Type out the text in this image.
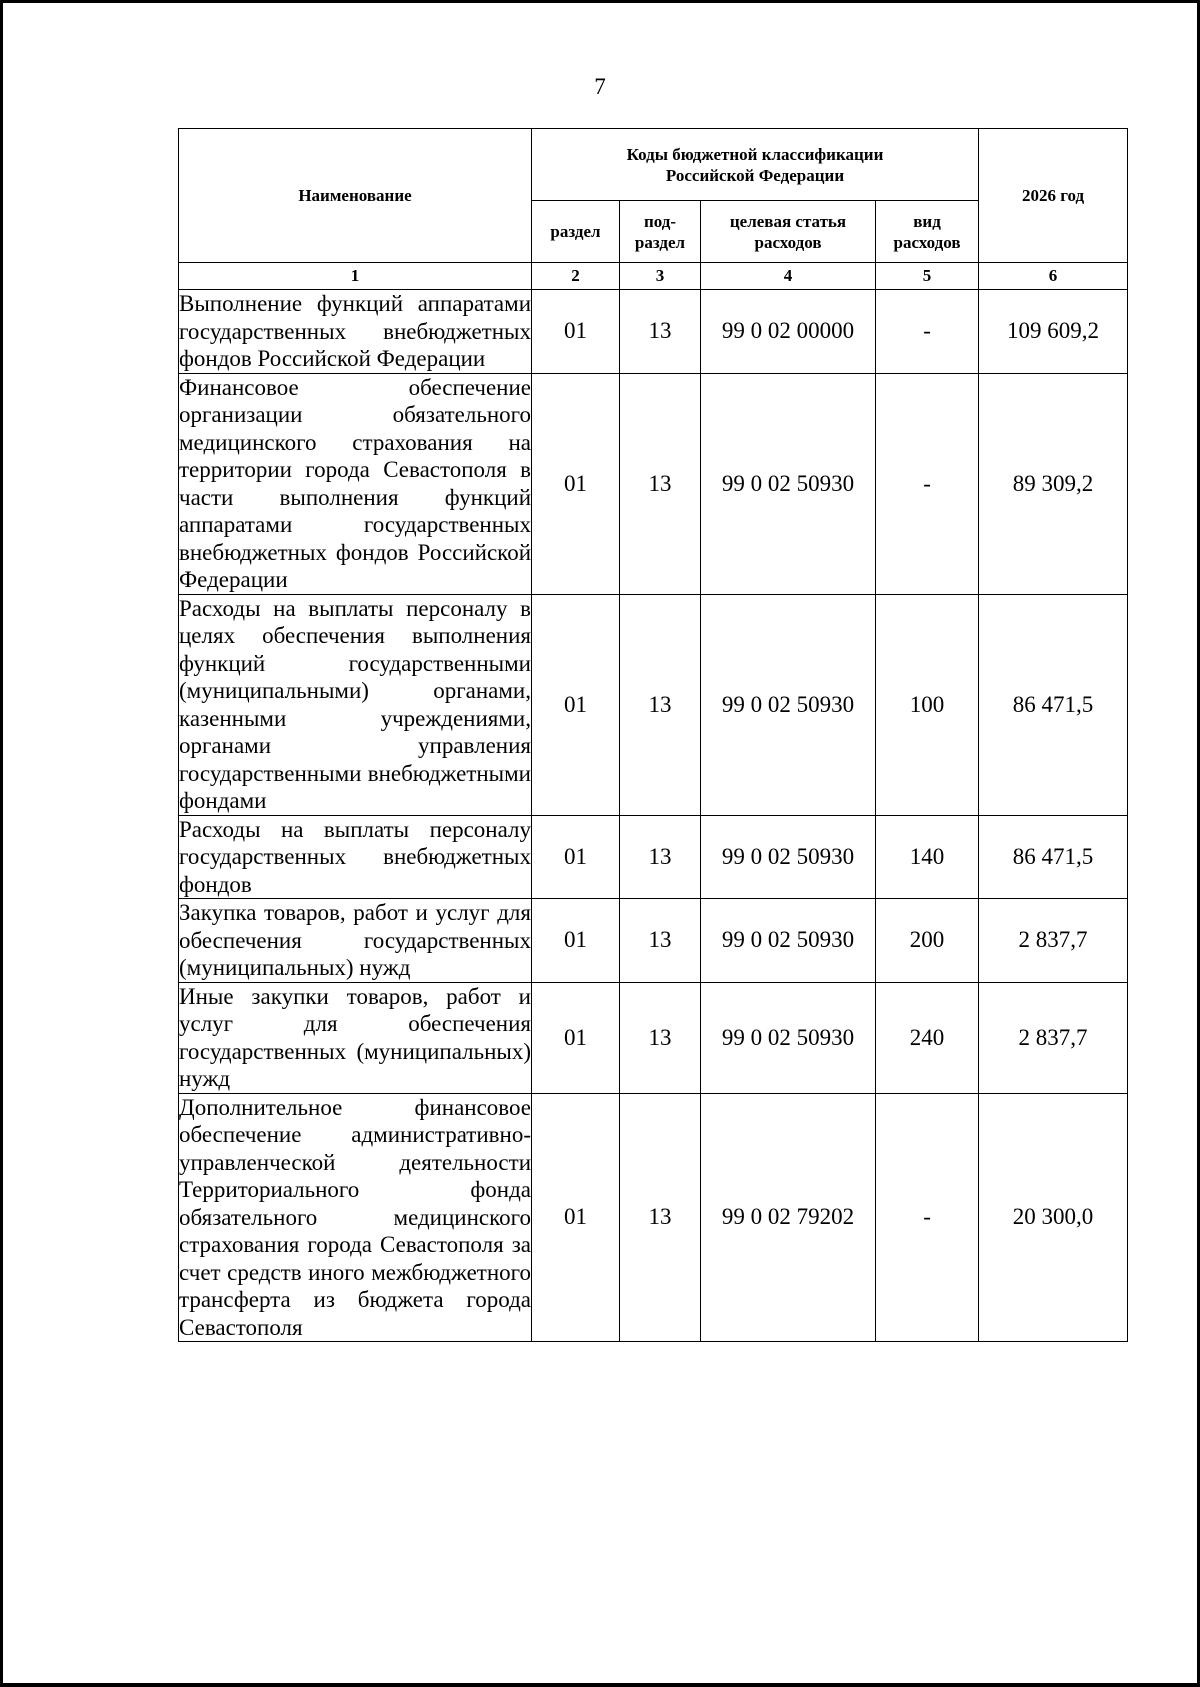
7
Наименование	Коды бюджетной классификации Российской Федерации				2026 год
	раздел	под-раздел	целевая статья расходов	вид расходов	
1	2	3	4	5	6
Выполнение функций аппаратами государственных внебюджетных фондов Российской Федерации	01	13	99 0 02 00000	-	109 609,2
Финансовое обеспечение организации обязательного медицинского страхования на территории города Севастополя в части выполнения функций аппаратами государственных внебюджетных фондов Российской Федерации	01	13	99 0 02 50930	-	89 309,2
Расходы на выплаты персоналу в целях обеспечения выполнения функций государственными (муниципальными) органами, казенными учреждениями, органами управления государственными внебюджетными фондами	01	13	99 0 02 50930	100	86 471,5
Расходы на выплаты персоналу государственных внебюджетных фондов	01	13	99 0 02 50930	140	86 471,5
Закупка товаров, работ и услуг для обеспечения государственных (муниципальных) нужд	01	13	99 0 02 50930	200	2 837,7
Иные закупки товаров, работ и услуг для обеспечения государственных (муниципальных) нужд	01	13	99 0 02 50930	240	2 837,7
Дополнительное финансовое обеспечение административно-управленческой деятельности Территориального фонда обязательного медицинского страхования города Севастополя за счет средств иного межбюджетного трансферта из бюджета города Севастополя	01	13	99 0 02 79202	-	20 300,0
